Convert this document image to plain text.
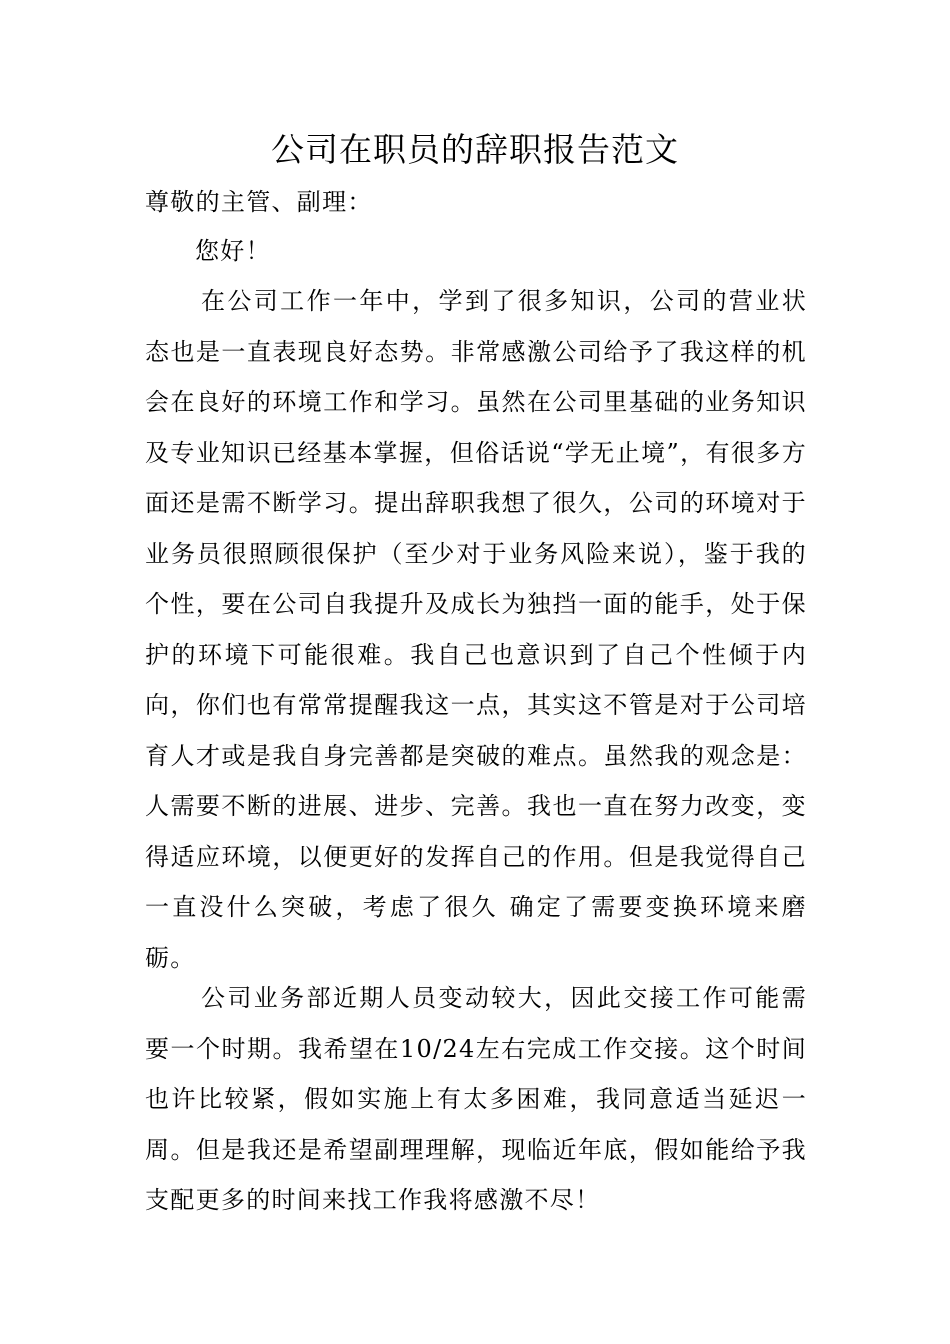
公司在职员的辞职报告范文

尊敬的主管、副理：

您好！

在公司工作一年中，学到了很多知识，公司的营业状态也是一直表现良好态势。非常感激公司给予了我这样的机会在良好的环境工作和学习。虽然在公司里基础的业务知识及专业知识已经基本掌握，但俗话说“学无止境”，有很多方面还是需不断学习。提出辞职我想了很久，公司的环境对于业务员很照顾很保护（至少对于业务风险来说），鉴于我的个性，要在公司自我提升及成长为独挡一面的能手，处于保护的环境下可能很难。我自己也意识到了自己个性倾于内向，你们也有常常提醒我这一点，其实这不管是对于公司培育人才或是我自身完善都是突破的难点。虽然我的观念是：人需要不断的进展、进步、完善。我也一直在努力改变，变得适应环境，以便更好的发挥自己的作用。但是我觉得自己一直没什么突破，考虑了很久 确定了需要变换环境来磨砺。

公司业务部近期人员变动较大，因此交接工作可能需要一个时期。我希望在10/24左右完成工作交接。这个时间也许比较紧，假如实施上有太多困难，我同意适当延迟一周。但是我还是希望副理理解，现临近年底，假如能给予我支配更多的时间来找工作我将感激不尽！
